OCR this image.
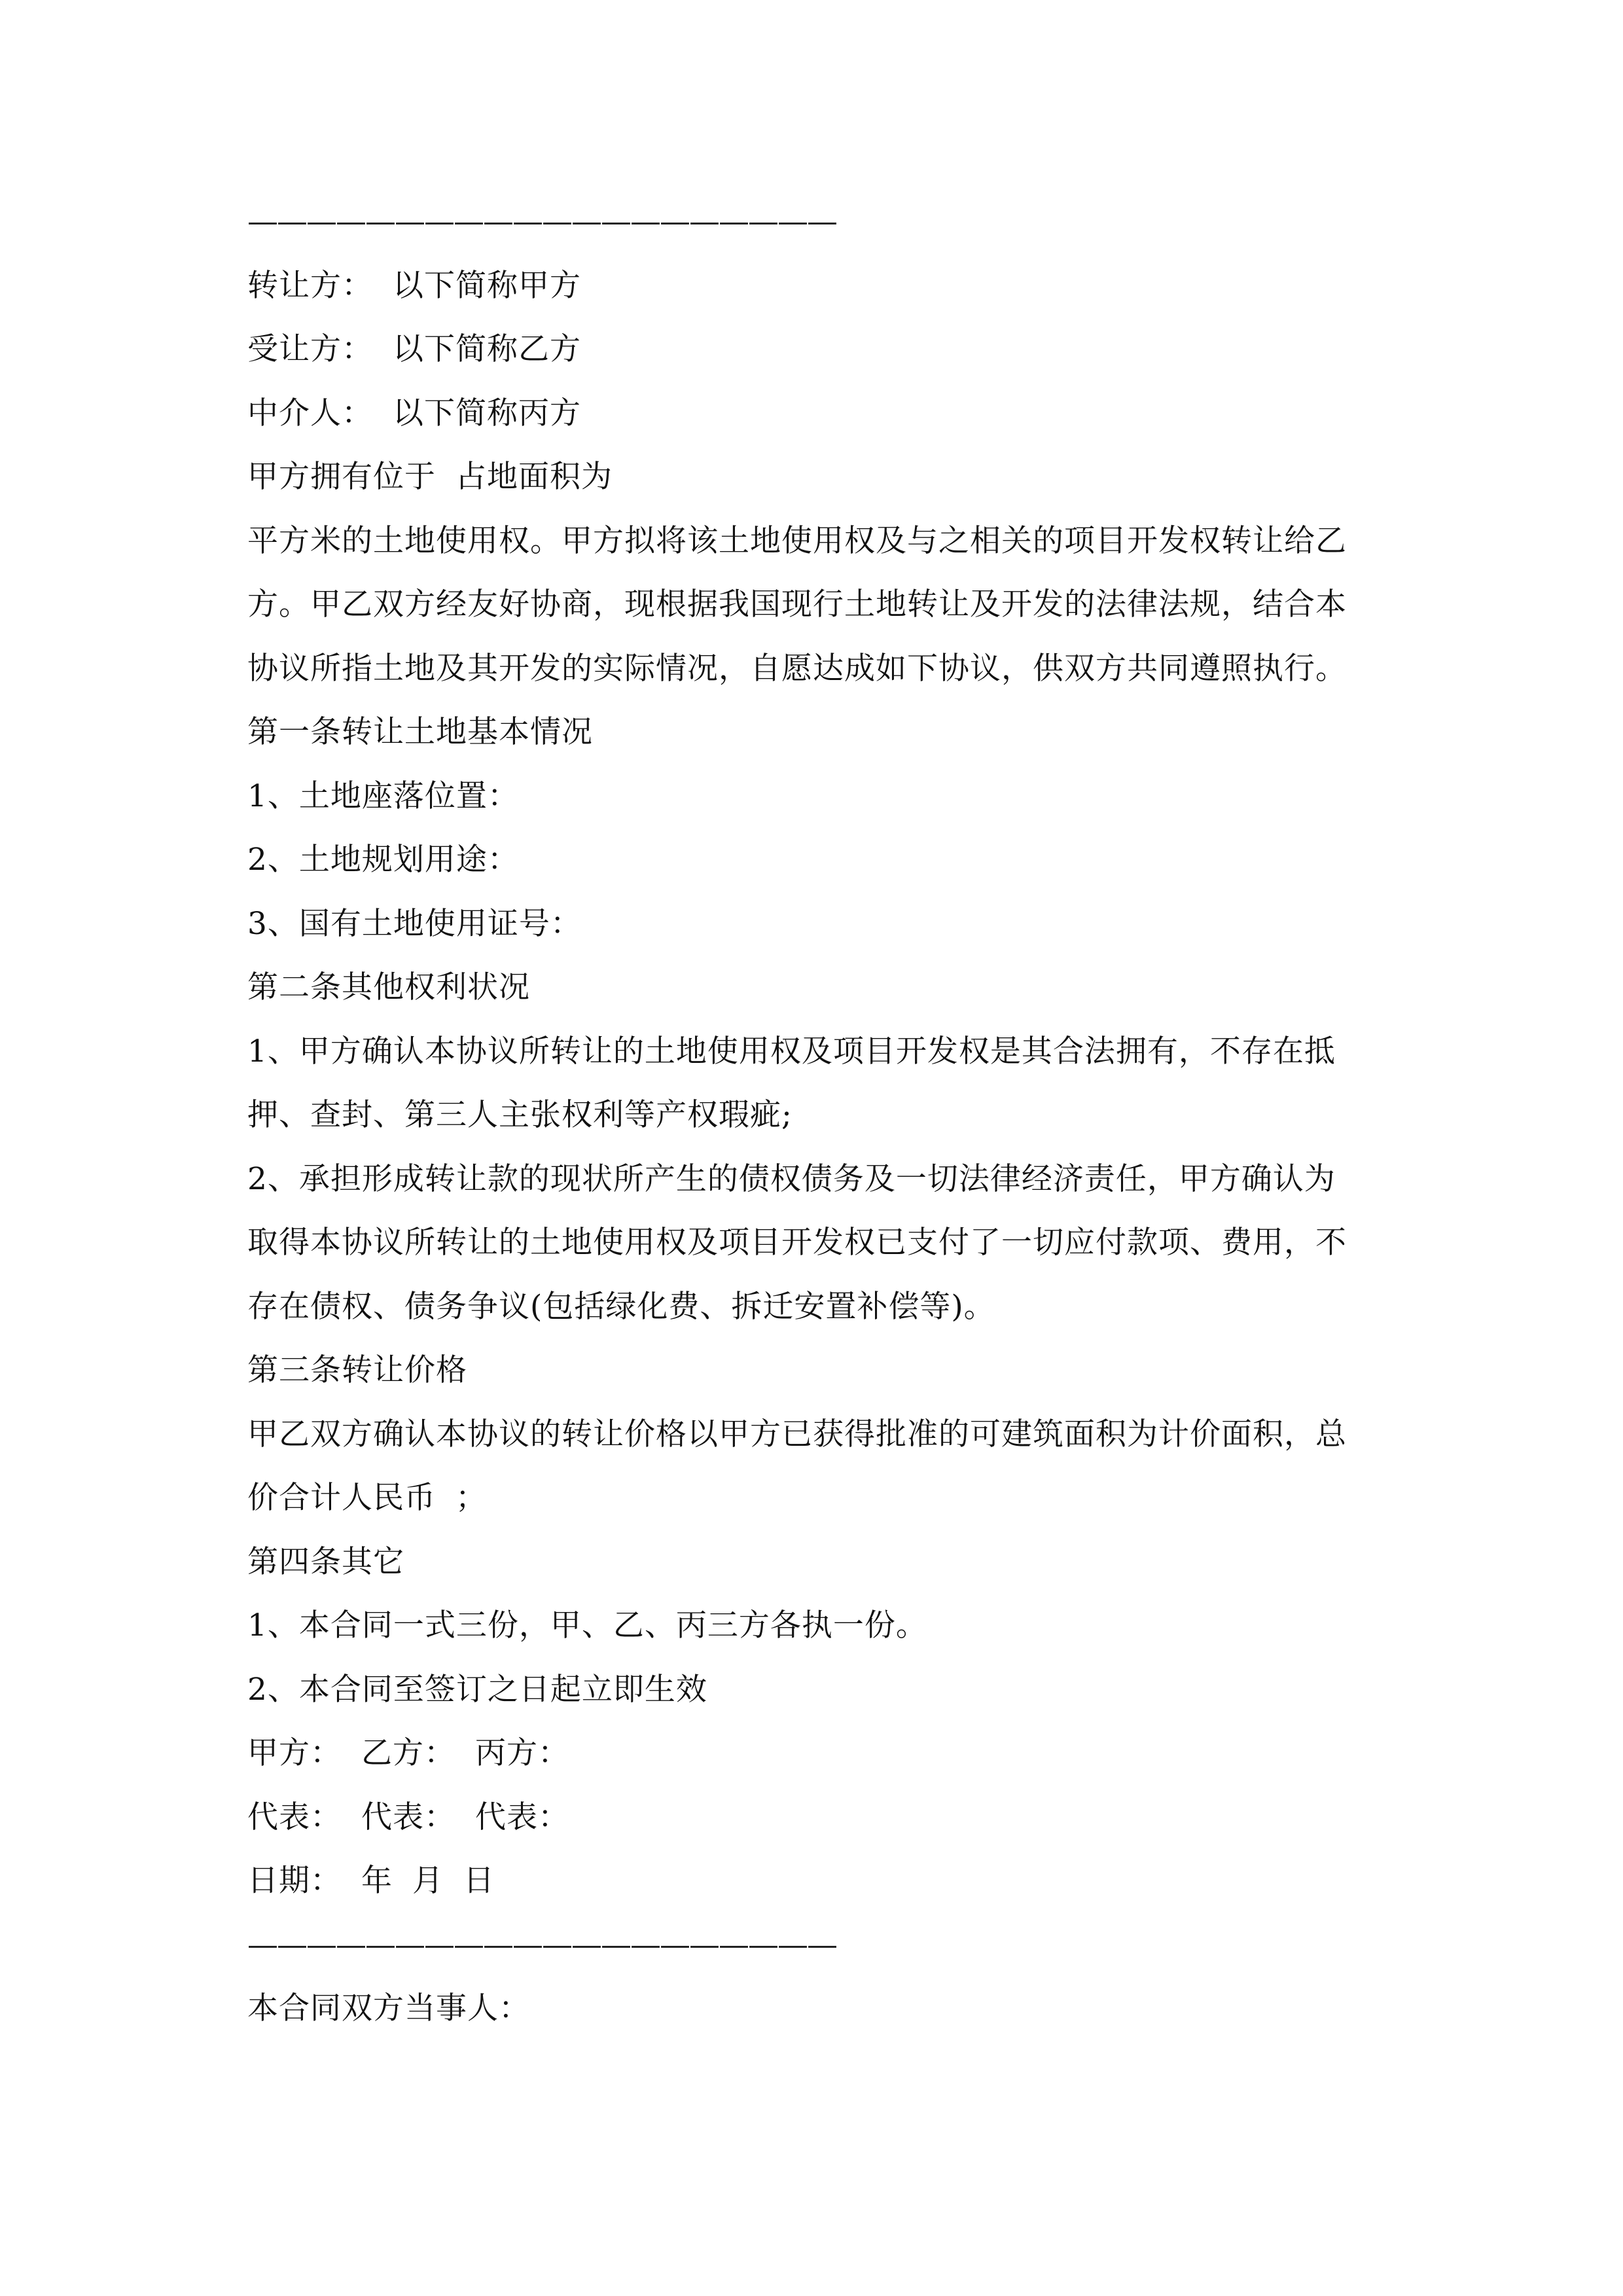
————————————————————
转让方： 以下简称甲方
受让方： 以下简称乙方
中介人： 以下简称丙方
甲方拥有位于 占地面积为
平方米的土地使用权。甲方拟将该土地使用权及与之相关的项目开发权转让给乙
方。甲乙双方经友好协商，现根据我国现行土地转让及开发的法律法规，结合本
协议所指土地及其开发的实际情况，自愿达成如下协议，供双方共同遵照执行。
第一条转让土地基本情况
1、土地座落位置：
2、土地规划用途：
3、国有土地使用证号：
第二条其他权利状况
1、甲方确认本协议所转让的土地使用权及项目开发权是其合法拥有，不存在抵
押、查封、第三人主张权利等产权瑕疵;
2、承担形成转让款的现状所产生的债权债务及一切法律经济责任，甲方确认为
取得本协议所转让的土地使用权及项目开发权已支付了一切应付款项、费用，不
存在债权、债务争议(包括绿化费、拆迁安置补偿等)。
第三条转让价格
甲乙双方确认本协议的转让价格以甲方已获得批准的可建筑面积为计价面积，总
价合计人民币 ；
第四条其它
1、本合同一式三份，甲、乙、丙三方各执一份。
2、本合同至签订之日起立即生效
甲方： 乙方： 丙方：
代表： 代表： 代表：
日期： 年 月 日
————————————————————
本合同双方当事人：
